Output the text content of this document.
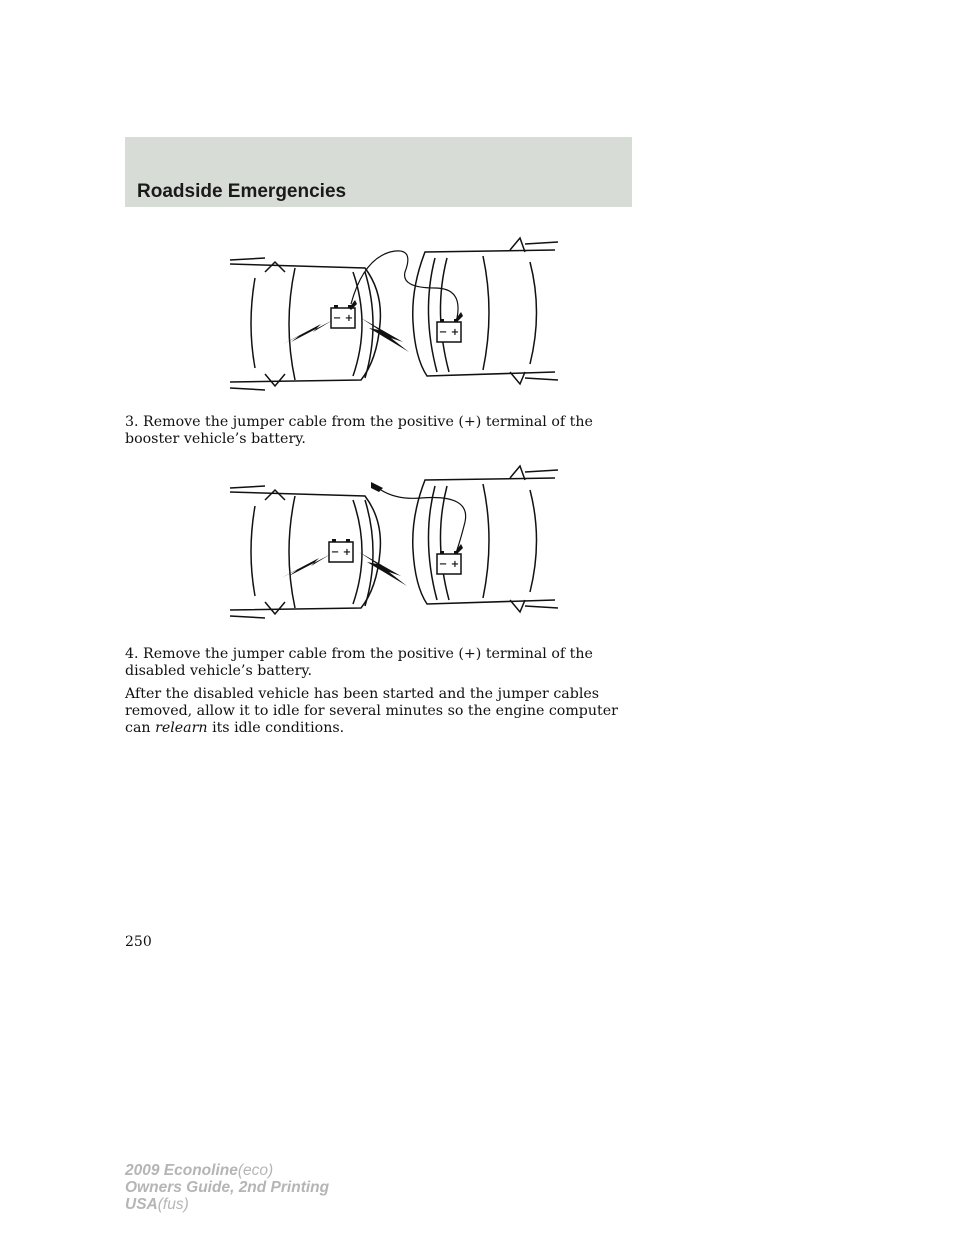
Roadside Emergencies
− +
− +

3. Remove the jumper cable from the positive (+) terminal of the booster vehicle’s battery.

− +
− +

4. Remove the jumper cable from the positive (+) terminal of the disabled vehicle’s battery.

After the disabled vehicle has been started and the jumper cables removed, allow it to idle for several minutes so the engine computer can relearn its idle conditions.

250
2009 Econoline(eco)
Owners Guide, 2nd Printing
USA(fus)
